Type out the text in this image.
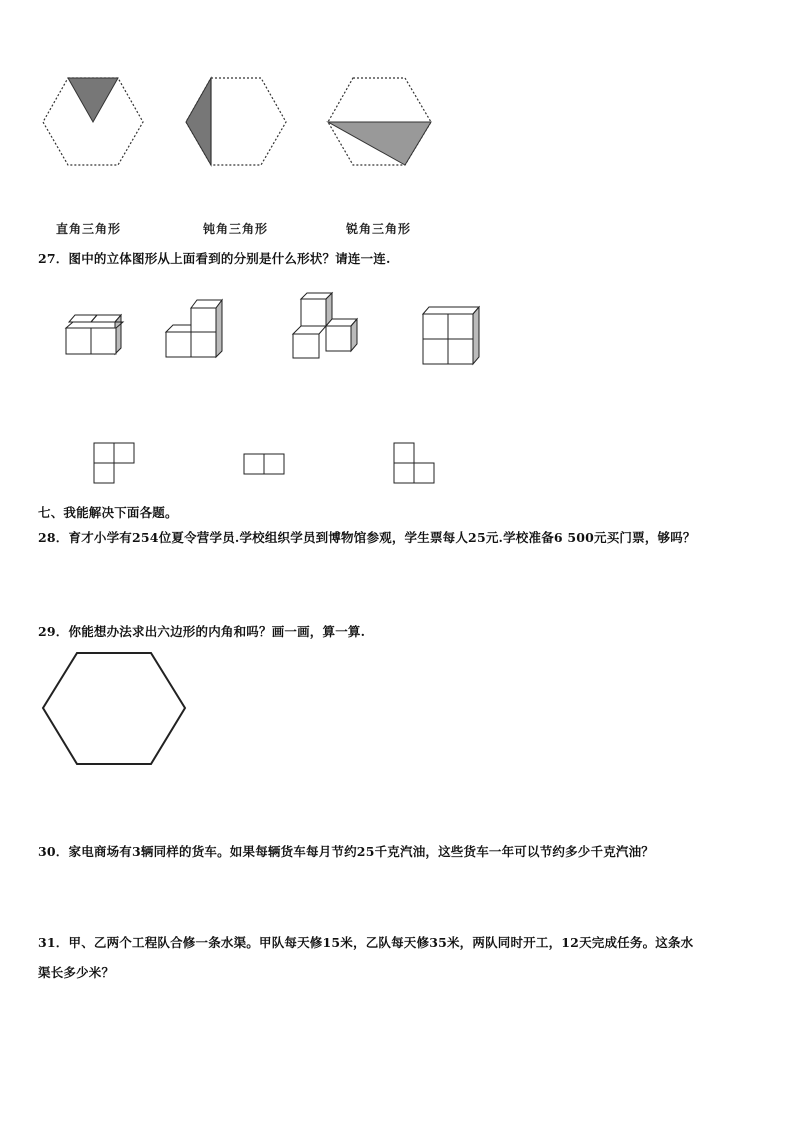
直角三角形	钝角三角形	锐角三角形
27．图中的立体图形从上面看到的分别是什么形状？请连一连.
七、我能解决下面各题。
28．育才小学有254位夏令营学员.学校组织学员到博物馆参观，学生票每人25元.学校准备6 500元买门票，够吗？
29．你能想办法求出六边形的内角和吗？画一画，算一算.
30．家电商场有3辆同样的货车。如果每辆货车每月节约25千克汽油，这些货车一年可以节约多少千克汽油？
31．甲、乙两个工程队合修一条水渠。甲队每天修15米，乙队每天修35米，两队同时开工，12天完成任务。这条水
渠长多少米？
